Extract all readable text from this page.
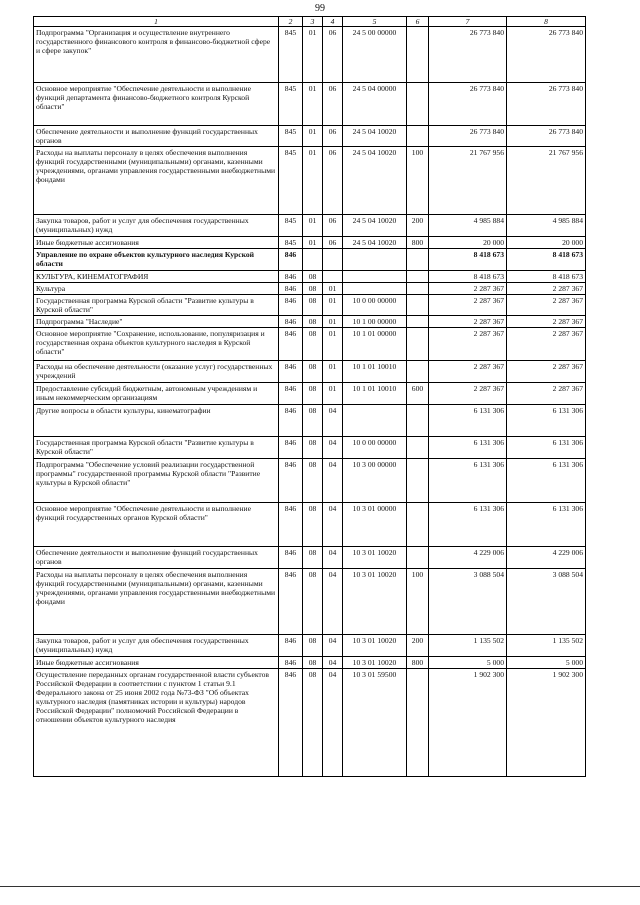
99
1	2	3	4	5	6	7	8
Подпрограмма "Организация и осуществление внутреннего государственного финансового контроля в финансово-бюджетной сфере и сфере закупок"	845	01	06	24 5 00 00000		26 773 840	26 773 840
Основное мероприятие "Обеспечение деятельности и выполнение функций департамента финансово-бюджетного контроля Курской области"	845	01	06	24 5 04 00000		26 773 840	26 773 840
Обеспечение деятельности и выполнение функций государственных органов	845	01	06	24 5 04 10020		26 773 840	26 773 840
Расходы на выплаты персоналу в целях обеспечения выполнения функций государственными (муниципальными) органами, казенными учреждениями, органами управления государственными внебюджетными фондами	845	01	06	24 5 04 10020	100	21 767 956	21 767 956
Закупка товаров, работ и услуг для обеспечения государственных (муниципальных) нужд	845	01	06	24 5 04 10020	200	4 985 884	4 985 884
Иные бюджетные ассигнования	845	01	06	24 5 04 10020	800	20 000	20 000
Управление по охране объектов культурного наследия Курской области	846					8 418 673	8 418 673
КУЛЬТУРА, КИНЕМАТОГРАФИЯ	846	08				8 418 673	8 418 673
Культура	846	08	01			2 287 367	2 287 367
Государственная программа Курской области "Развитие культуры в Курской области"	846	08	01	10 0 00 00000		2 287 367	2 287 367
Подпрограмма "Наследие"	846	08	01	10 1 00 00000		2 287 367	2 287 367
Основное мероприятие "Сохранение, использование, популяризация и государственная охрана объектов культурного наследия в Курской области"	846	08	01	10 1 01 00000		2 287 367	2 287 367
Расходы на обеспечение деятельности (оказание услуг) государственных учреждений	846	08	01	10 1 01 10010		2 287 367	2 287 367
Предоставление субсидий бюджетным, автономным учреждениям и иным некоммерческим организациям	846	08	01	10 1 01 10010	600	2 287 367	2 287 367
Другие вопросы в области культуры, кинематографии	846	08	04			6 131 306	6 131 306
Государственная программа Курской области "Развитие культуры в Курской области"	846	08	04	10 0 00 00000		6 131 306	6 131 306
Подпрограмма "Обеспечение условий реализации государственной программы" государственной программы Курской области "Развитие культуры в Курской области"	846	08	04	10 3 00 00000		6 131 306	6 131 306
Основное мероприятие "Обеспечение деятельности и выполнение функций государственных органов Курской области"	846	08	04	10 3 01 00000		6 131 306	6 131 306
Обеспечение деятельности и выполнение функций государственных органов	846	08	04	10 3 01 10020		4 229 006	4 229 006
Расходы на выплаты персоналу в целях обеспечения выполнения функций государственными (муниципальными) органами, казенными учреждениями, органами управления государственными внебюджетными фондами	846	08	04	10 3 01 10020	100	3 088 504	3 088 504
Закупка товаров, работ и услуг для обеспечения государственных (муниципальных) нужд	846	08	04	10 3 01 10020	200	1 135 502	1 135 502
Иные бюджетные ассигнования	846	08	04	10 3 01 10020	800	5 000	5 000
Осуществление переданных органам государственной власти субъектов Российской Федерации в соответствии с пунктом 1 статьи 9.1 Федерального закона от 25 июня 2002 года №73-ФЗ "Об объектах культурного наследия (памятниках истории и культуры) народов Российской Федерации" полномочий Российской Федерации в отношении объектов культурного наследия	846	08	04	10 3 01 59500		1 902 300	1 902 300
